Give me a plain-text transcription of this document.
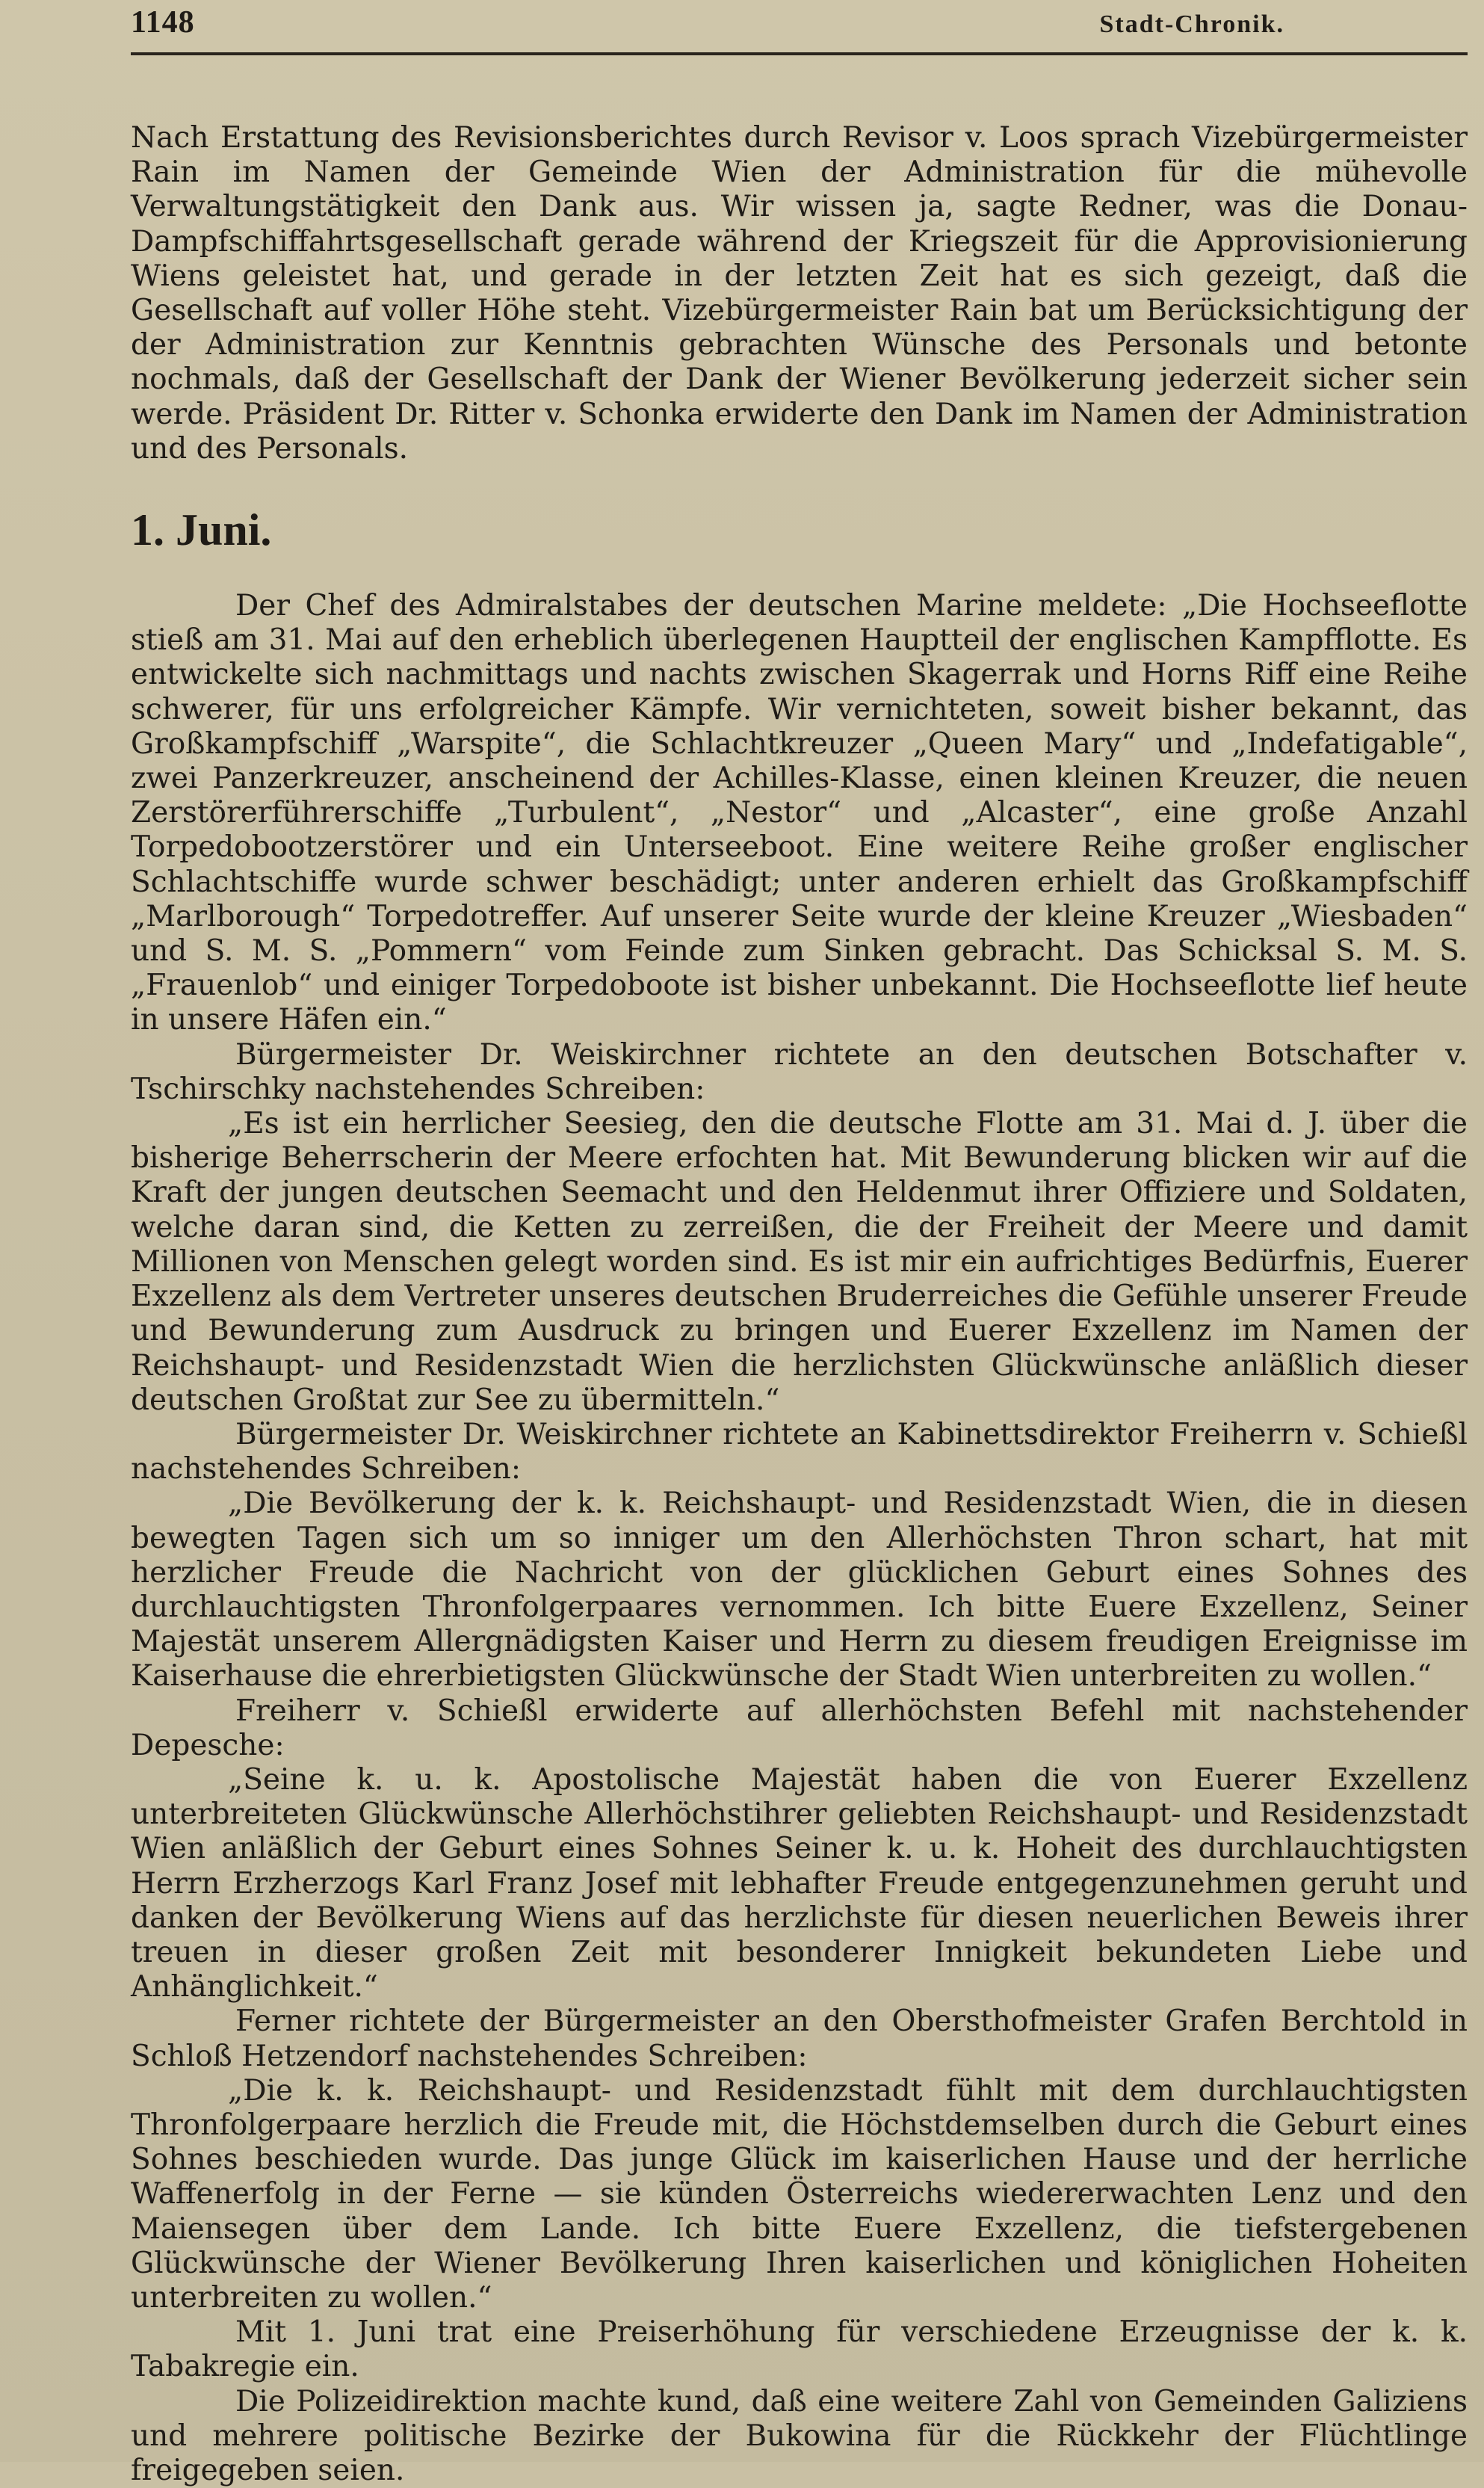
1148	Stadt-Chronik.

Nach Erstattung des Revisionsberichtes durch Revisor v. Loos sprach Vizebürgermeister Rain im Namen der Gemeinde Wien der Administration für die mühevolle Verwaltungstätigkeit den Dank aus. Wir wissen ja, sagte Redner, was die Donau-Dampfschiffahrtsgesellschaft gerade während der Kriegszeit für die Approvisionierung Wiens geleistet hat, und gerade in der letzten Zeit hat es sich gezeigt, daß die Gesellschaft auf voller Höhe steht. Vizebürgermeister Rain bat um Berücksichtigung der der Administration zur Kenntnis gebrachten Wünsche des Personals und betonte nochmals, daß der Gesellschaft der Dank der Wiener Bevölkerung jederzeit sicher sein werde. Präsident Dr. Ritter v. Schonka erwiderte den Dank im Namen der Administration und des Personals.

1. Juni.

Der Chef des Admiralstabes der deutschen Marine meldete: „Die Hochseeflotte stieß am 31. Mai auf den erheblich überlegenen Hauptteil der englischen Kampfflotte. Es entwickelte sich nachmittags und nachts zwischen Skagerrak und Horns Riff eine Reihe schwerer, für uns erfolgreicher Kämpfe. Wir vernichteten, soweit bisher bekannt, das Großkampfschiff „Warspite“, die Schlachtkreuzer „Queen Mary“ und „Indefatigable“, zwei Panzerkreuzer, anscheinend der Achilles-Klasse, einen kleinen Kreuzer, die neuen Zerstörerführerschiffe „Turbulent“, „Nestor“ und „Alcaster“, eine große Anzahl Torpedobootzerstörer und ein Unterseeboot. Eine weitere Reihe großer englischer Schlachtschiffe wurde schwer beschädigt; unter anderen erhielt das Großkampfschiff „Marlborough“ Torpedotreffer. Auf unserer Seite wurde der kleine Kreuzer „Wiesbaden“ und S. M. S. „Pommern“ vom Feinde zum Sinken gebracht. Das Schicksal S. M. S. „Frauenlob“ und einiger Torpedoboote ist bisher unbekannt. Die Hochseeflotte lief heute in unsere Häfen ein.“

Bürgermeister Dr. Weiskirchner richtete an den deutschen Botschafter v. Tschirschky nachstehendes Schreiben:

„Es ist ein herrlicher Seesieg, den die deutsche Flotte am 31. Mai d. J. über die bisherige Beherrscherin der Meere erfochten hat. Mit Bewunderung blicken wir auf die Kraft der jungen deutschen Seemacht und den Heldenmut ihrer Offiziere und Soldaten, welche daran sind, die Ketten zu zerreißen, die der Freiheit der Meere und damit Millionen von Menschen gelegt worden sind. Es ist mir ein aufrichtiges Bedürfnis, Euerer Exzellenz als dem Vertreter unseres deutschen Bruderreiches die Gefühle unserer Freude und Bewunderung zum Ausdruck zu bringen und Euerer Exzellenz im Namen der Reichshaupt- und Residenzstadt Wien die herzlichsten Glückwünsche anläßlich dieser deutschen Großtat zur See zu übermitteln.“

Bürgermeister Dr. Weiskirchner richtete an Kabinettsdirektor Freiherrn v. Schießl nachstehendes Schreiben:

„Die Bevölkerung der k. k. Reichshaupt- und Residenzstadt Wien, die in diesen bewegten Tagen sich um so inniger um den Allerhöchsten Thron schart, hat mit herzlicher Freude die Nachricht von der glücklichen Geburt eines Sohnes des durchlauchtigsten Thronfolgerpaares vernommen. Ich bitte Euere Exzellenz, Seiner Majestät unserem Allergnädigsten Kaiser und Herrn zu diesem freudigen Ereignisse im Kaiserhause die ehrerbietigsten Glückwünsche der Stadt Wien unterbreiten zu wollen.“

Freiherr v. Schießl erwiderte auf allerhöchsten Befehl mit nachstehender Depesche:

„Seine k. u. k. Apostolische Majestät haben die von Euerer Exzellenz unterbreiteten Glückwünsche Allerhöchstihrer geliebten Reichshaupt- und Residenzstadt Wien anläßlich der Geburt eines Sohnes Seiner k. u. k. Hoheit des durchlauchtigsten Herrn Erzherzogs Karl Franz Josef mit lebhafter Freude entgegenzunehmen geruht und danken der Bevölkerung Wiens auf das herzlichste für diesen neuerlichen Beweis ihrer treuen in dieser großen Zeit mit besonderer Innigkeit bekundeten Liebe und Anhänglichkeit.“

Ferner richtete der Bürgermeister an den Obersthofmeister Grafen Berchtold in Schloß Hetzendorf nachstehendes Schreiben:

„Die k. k. Reichshaupt- und Residenzstadt fühlt mit dem durchlauchtigsten Thronfolgerpaare herzlich die Freude mit, die Höchstdemselben durch die Geburt eines Sohnes beschieden wurde. Das junge Glück im kaiserlichen Hause und der herrliche Waffenerfolg in der Ferne — sie künden Österreichs wiedererwachten Lenz und den Maiensegen über dem Lande. Ich bitte Euere Exzellenz, die tiefstergebenen Glückwünsche der Wiener Bevölkerung Ihren kaiserlichen und königlichen Hoheiten unterbreiten zu wollen.“

Mit 1. Juni trat eine Preiserhöhung für verschiedene Erzeugnisse der k. k. Tabakregie ein.

Die Polizeidirektion machte kund, daß eine weitere Zahl von Gemeinden Galiziens und mehrere politische Bezirke der Bukowina für die Rückkehr der Flüchtlinge freigegeben seien.
